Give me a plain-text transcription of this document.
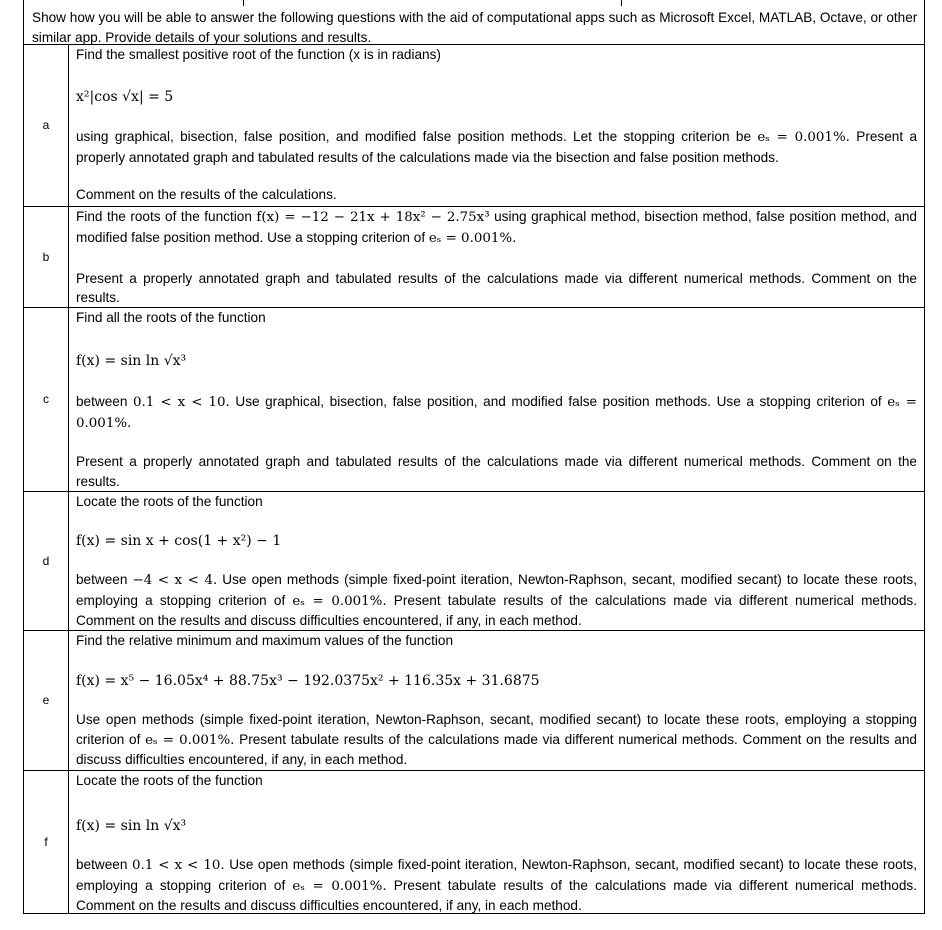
Show how you will be able to answer the following questions with the aid of computational apps such as Microsoft Excel, MATLAB, Octave, or other similar app. Provide details of your solutions and results.

a

Find the smallest positive root of the function (x is in radians)

x²|cos √x| = 5

using graphical, bisection, false position, and modified false position methods. Let the stopping criterion be eₛ = 0.001%. Present a properly annotated graph and tabulated results of the calculations made via the bisection and false position methods.

Comment on the results of the calculations.

b

Find the roots of the function f(x) = −12 − 21x + 18x² − 2.75x³ using graphical method, bisection method, false position method, and modified false position method. Use a stopping criterion of eₛ = 0.001%.

Present a properly annotated graph and tabulated results of the calculations made via different numerical methods. Comment on the results.

c

Find all the roots of the function

f(x) = sin ln √x³

between 0.1 < x < 10. Use graphical, bisection, false position, and modified false position methods. Use a stopping criterion of eₛ = 0.001%.

Present a properly annotated graph and tabulated results of the calculations made via different numerical methods. Comment on the results.

d

Locate the roots of the function

f(x) = sin x + cos(1 + x²) − 1

between −4 < x < 4. Use open methods (simple fixed-point iteration, Newton-Raphson, secant, modified secant) to locate these roots, employing a stopping criterion of eₛ = 0.001%. Present tabulate results of the calculations made via different numerical methods. Comment on the results and discuss difficulties encountered, if any, in each method.

e

Find the relative minimum and maximum values of the function

f(x) = x⁵ − 16.05x⁴ + 88.75x³ − 192.0375x² + 116.35x + 31.6875

Use open methods (simple fixed-point iteration, Newton-Raphson, secant, modified secant) to locate these roots, employing a stopping criterion of eₛ = 0.001%. Present tabulate results of the calculations made via different numerical methods. Comment on the results and discuss difficulties encountered, if any, in each method.

f

Locate the roots of the function

f(x) = sin ln √x³

between 0.1 < x < 10. Use open methods (simple fixed-point iteration, Newton-Raphson, secant, modified secant) to locate these roots, employing a stopping criterion of eₛ = 0.001%. Present tabulate results of the calculations made via different numerical methods. Comment on the results and discuss difficulties encountered, if any, in each method.
